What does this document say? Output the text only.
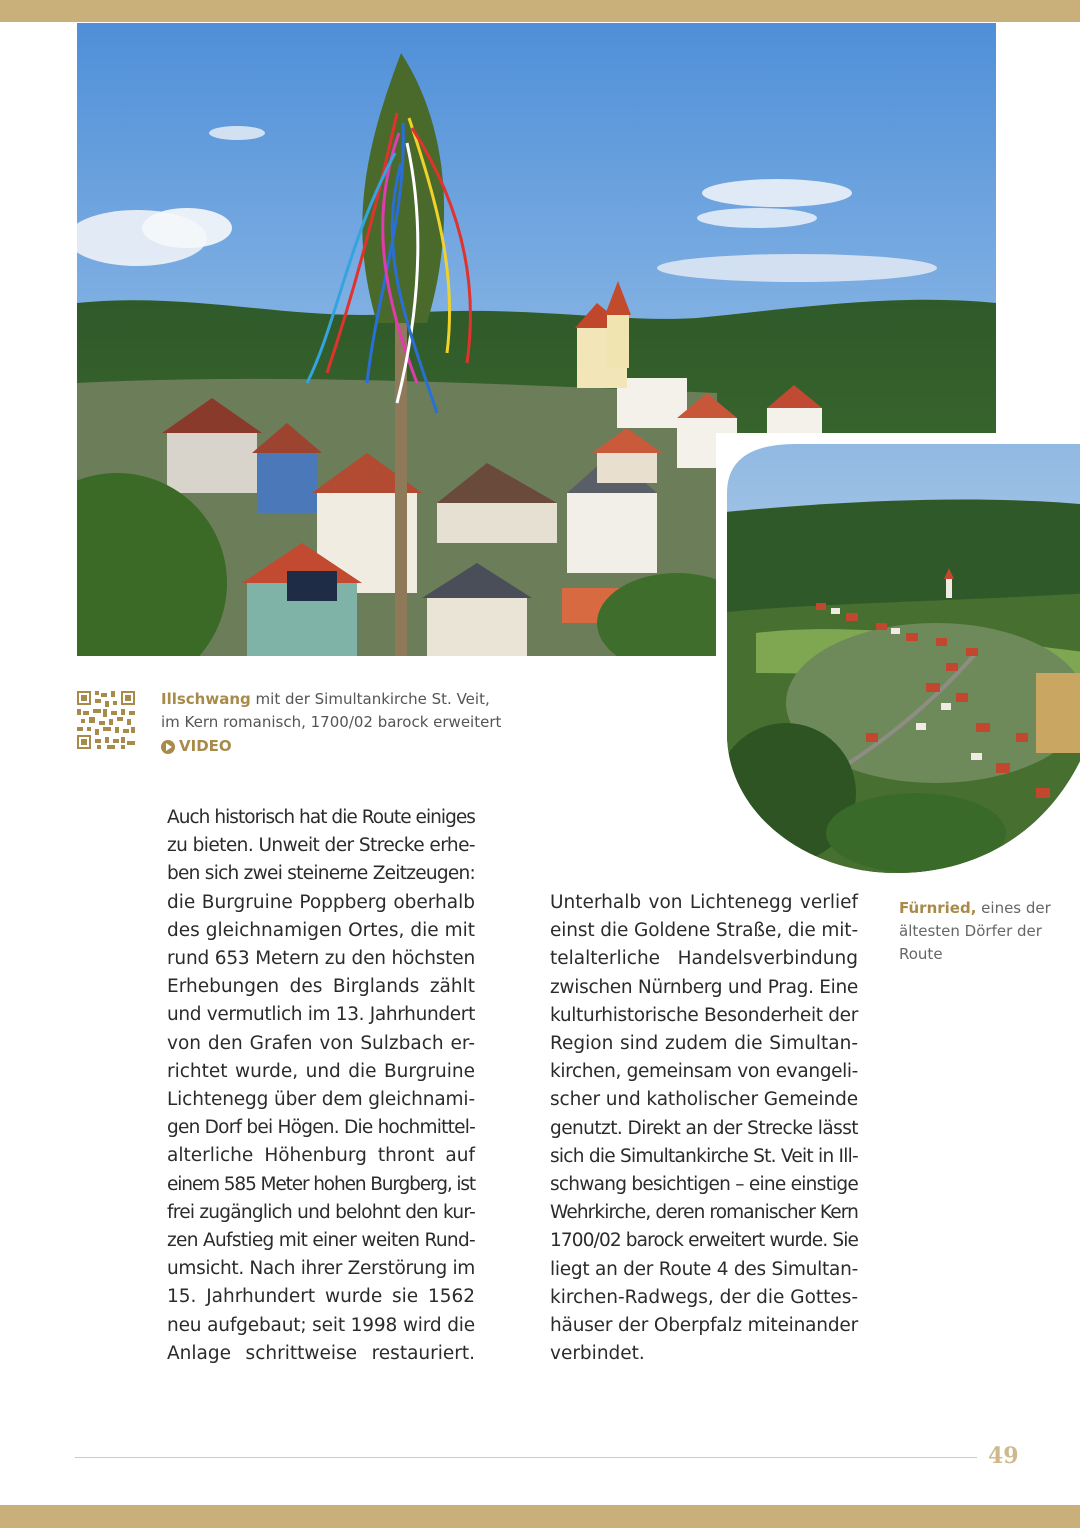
Illschwang mit der Simultankirche St. Veit,
im Kern romanisch, 1700/02 barock erweitert
VIDEO
Auch historisch hat die Route einiges
zu bieten. Unweit der Strecke erhe-
ben sich zwei steinerne Zeitzeugen:
die Burgruine Poppberg oberhalb
des gleichnamigen Ortes, die mit
rund 653 Metern zu den höchsten
Erhebungen des Birglands zählt
und vermutlich im 13. Jahrhundert
von den Grafen von Sulzbach er-
richtet wurde, und die Burgruine
Lichtenegg über dem gleichnami-
gen Dorf bei Högen. Die hochmittel-
alterliche Höhenburg thront auf
einem 585 Meter hohen Burgberg, ist
frei zugänglich und belohnt den kur-
zen Aufstieg mit einer weiten Rund-
umsicht. Nach ihrer Zerstörung im
15. Jahrhundert wurde sie 1562
neu aufgebaut; seit 1998 wird die
Anlage schrittweise restauriert.
Unterhalb von Lichtenegg verlief
einst die Goldene Straße, die mit-
telalterliche Handelsverbindung
zwischen Nürnberg und Prag. Eine
kulturhistorische Besonderheit der
Region sind zudem die Simultan-
kirchen, gemeinsam von evangeli-
scher und katholischer Gemeinde
genutzt. Direkt an der Strecke lässt
sich die Simultankirche St. Veit in Ill-
schwang besichtigen – eine einstige
Wehrkirche, deren romanischer Kern
1700/02 barock erweitert wurde. Sie
liegt an der Route 4 des Simultan-
kirchen-Radwegs, der die Gottes-
häuser der Oberpfalz miteinander
verbindet.
Fürnried, eines der
ältesten Dörfer der
Route
49
